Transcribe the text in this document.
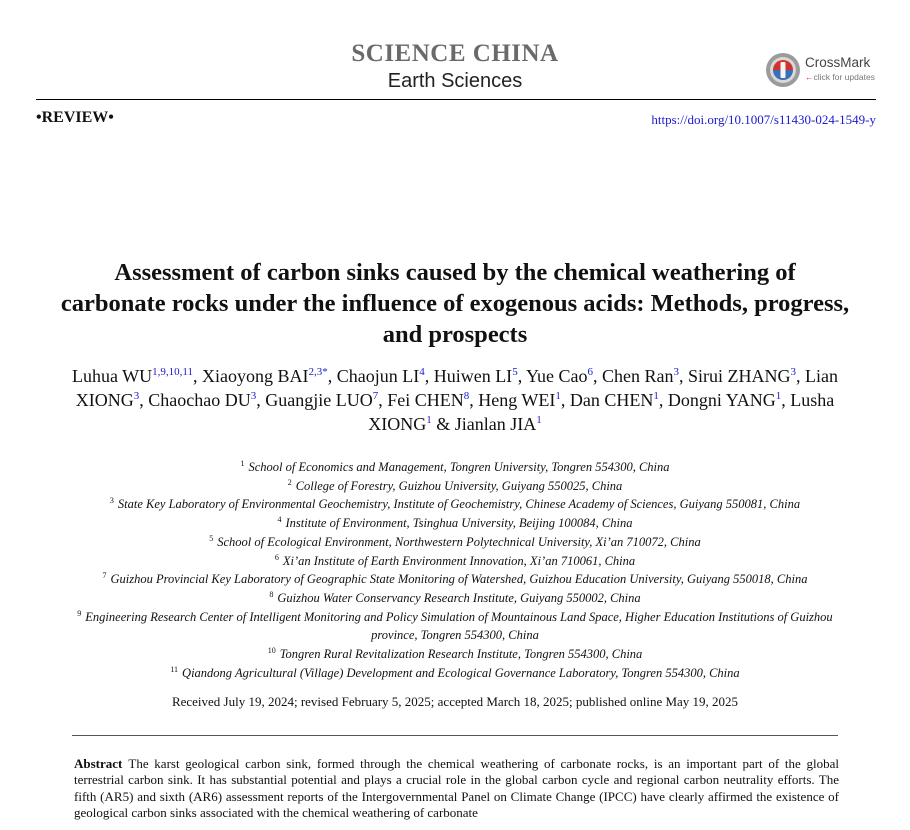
SCIENCE CHINA
Earth Sciences
CrossMark
←click for updates
•REVIEW•	https://doi.org/10.1007/s11430-024-1549-y
Assessment of carbon sinks caused by the chemical weathering of carbonate rocks under the influence of exogenous acids: Methods, progress, and prospects
Luhua WU$^{1,9,10,11}$, Xiaoyong $BAI^{2,3*}$, Chaojun $LI^4$, Huiwen $LI^5$, Yue Cao$^6$, Chen Ran$^3$, Sirui ZHANG$^3$, Lian XIONG$^3$, Chaochao $DU^3$, Guangjie LUO$^7$, Fei CHEN$^8$, Heng WEI$^1$, Dan CHEN$^1$, Dongni YANG$^1$, Lusha XIONG$^1$ & Jianlan JIA$^1$
$^1$ School of Economics and Management, Tongren University, Tongren 554300, China
$^2$ College of Forestry, Guizhou University, Guiyang 550025, China
$^3$ State Key Laboratory of Environmental Geochemistry, Institute of Geochemistry, Chinese Academy of Sciences, Guiyang 550081, China
$^4$ Institute of Environment, Tsinghua University, Beijing 100084, China
$^5$ School of Ecological Environment, Northwestern Polytechnical University, Xi’an 710072, China
$^6$ Xi’an Institute of Earth Environment Innovation, Xi’an 710061, China
$^7$ Guizhou Provincial Key Laboratory of Geographic State Monitoring of Watershed, Guizhou Education University, Guiyang 550018, China
$^8$ Guizhou Water Conservancy Research Institute, Guiyang 550002, China
$^9$ Engineering Research Center of Intelligent Monitoring and Policy Simulation of Mountainous Land Space, Higher Education Institutions of Guizhou province, Tongren 554300, China
$^{10}$ Tongren Rural Revitalization Research Institute, Tongren 554300, China
$^{11}$ Qiandong Agricultural (Village) Development and Ecological Governance Laboratory, Tongren 554300, China
Received July 19, 2024; revised February 5, 2025; accepted March 18, 2025; published online May 19, 2025
Abstract The karst geological carbon sink, formed through the chemical weathering of carbonate rocks, is an important part of the global terrestrial carbon sink. It has substantial potential and plays a crucial role in the global carbon cycle and regional carbon neutrality efforts. The fifth (AR5) and sixth (AR6) assessment reports of the Intergovernmental Panel on Climate Change (IPCC) have clearly affirmed the existence of geological carbon sinks associated with the chemical weathering of carbonate
